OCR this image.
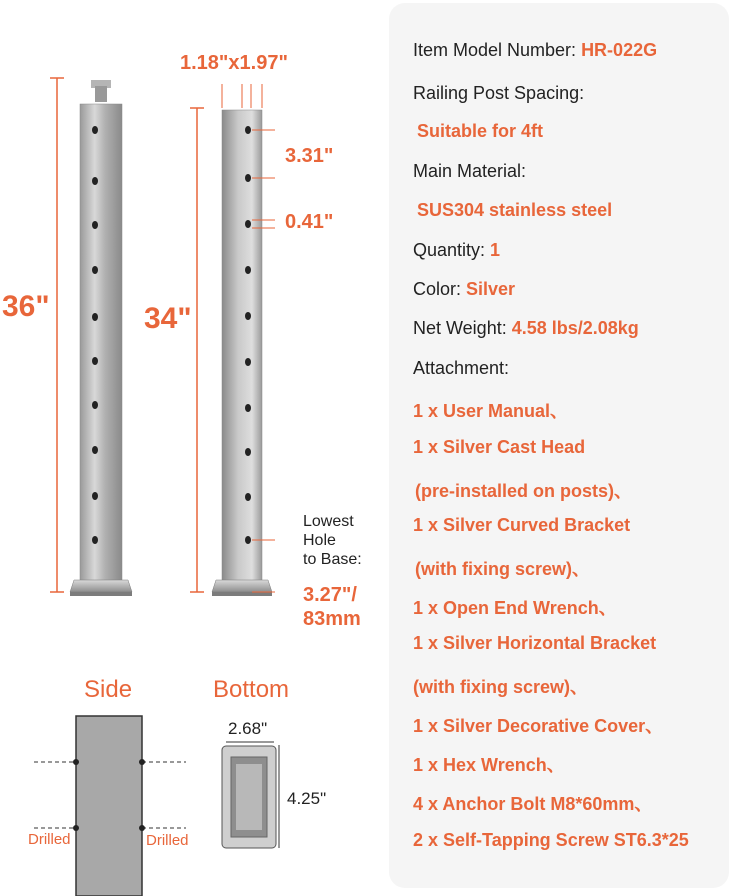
Item Model Number: HR-022G
Railing Post Spacing:
Suitable for 4ft
Main Material:
SUS304 stainless steel
Quantity: 1
Color: Silver
Net Weight: 4.58 lbs/2.08kg
Attachment:
1 x User Manual、
1 x Silver Cast Head
(pre-installed on posts)、
1 x Silver Curved Bracket
(with fixing screw)、
1 x Open End Wrench、
1 x Silver Horizontal Bracket
(with fixing screw)、
1 x Silver Decorative Cover、
1 x Hex Wrench、
4 x Anchor Bolt M8*60mm、
2 x Self-Tapping Screw ST6.3*25
36"	34"
1.18"x1.97"
3.31"
0.41"
Lowest
Hole
to Base:
3.27"/
83mm
Side	Bottom
Drilled	Drilled
2.68"
4.25"
